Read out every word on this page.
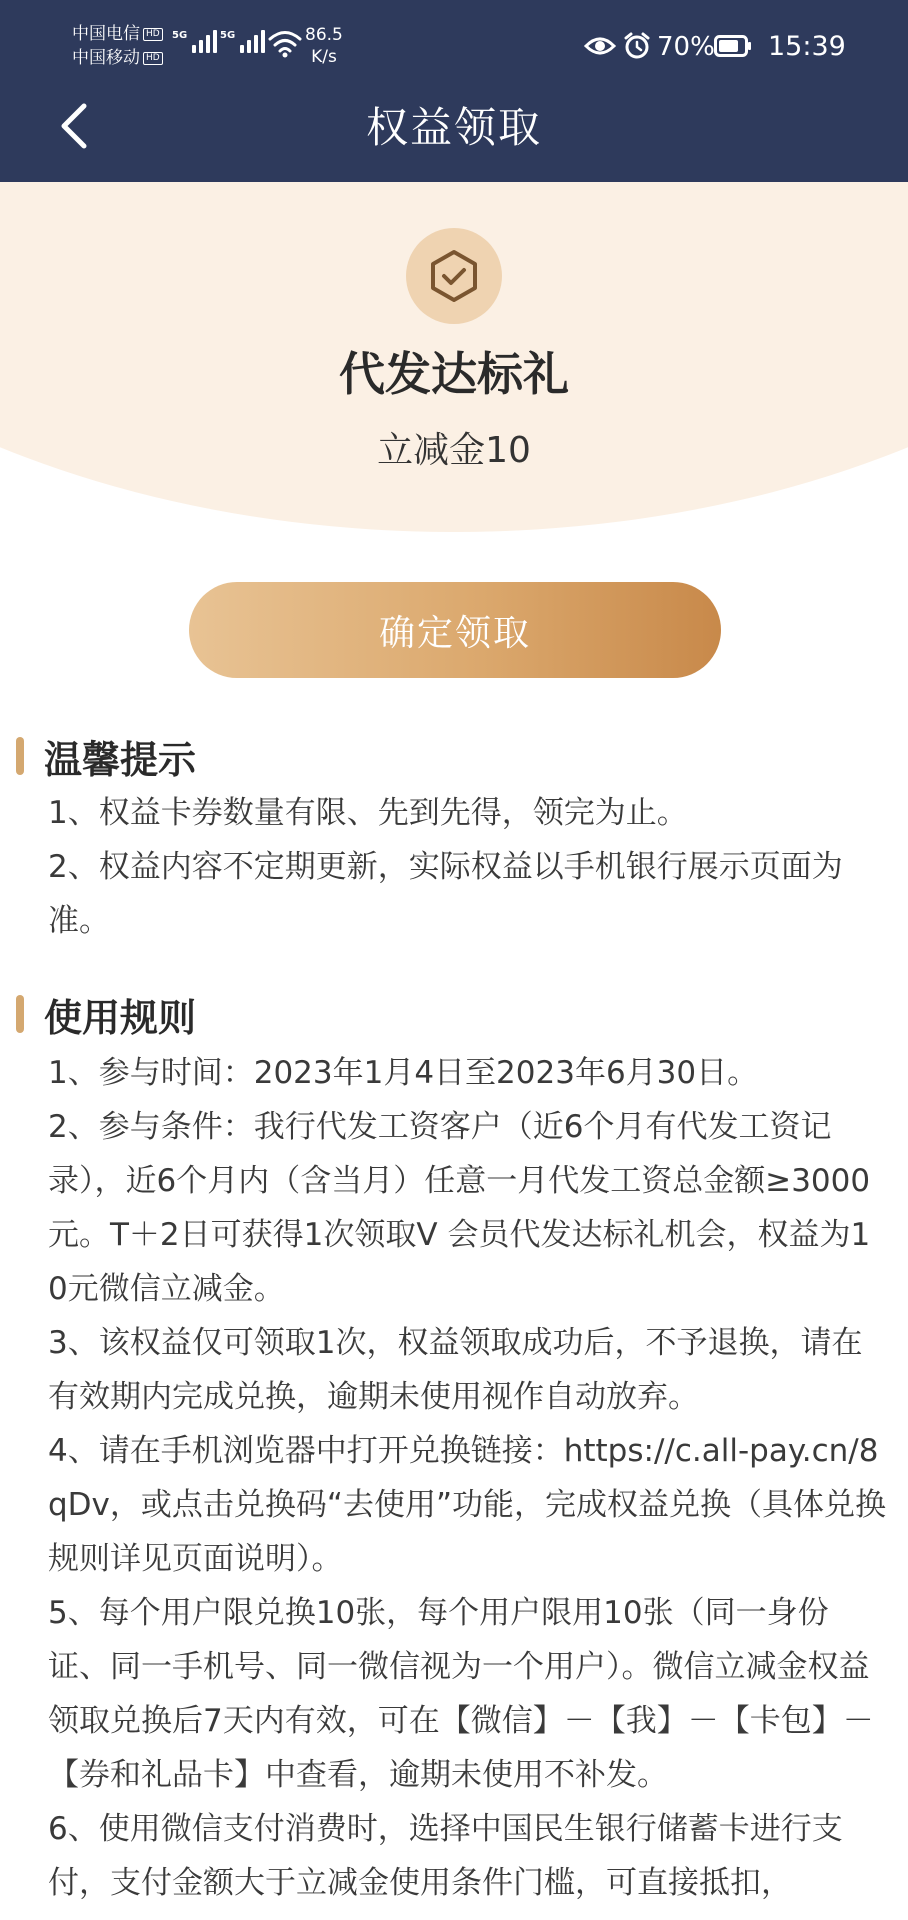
中国电信 HD
中国移动 HD
5G	5G	86.5
K/s	70% 15:39
权益领取
代发达标礼
立减金10
确定领取
温馨提示
1、权益卡券数量有限、先到先得，领完为止。
2、权益内容不定期更新，实际权益以手机银行展示页面为准。
使用规则
1、参与时间：2023年1月4日至2023年6月30日。
2、参与条件：我行代发工资客户（近6个月有代发工资记录），近6个月内（含当月）任意一月代发工资总金额≥3000元。T＋2日可获得1次领取V 会员代发达标礼机会，权益为10元微信立减金。
3、该权益仅可领取1次，权益领取成功后，不予退换，请在有效期内完成兑换，逾期未使用视作自动放弃。
4、请在手机浏览器中打开兑换链接：https://c.all-pay.cn/8qDv，或点击兑换码“去使用”功能，完成权益兑换（具体兑换规则详见页面说明）。
5、每个用户限兑换10张，每个用户限用10张（同一身份证、同一手机号、同一微信视为一个用户）。微信立减金权益领取兑换后7天内有效，可在【微信】－【我】－【卡包】－【券和礼品卡】中查看，逾期未使用不补发。
6、使用微信支付消费时，选择中国民生银行储蓄卡进行支付，支付金额大于立减金使用条件门槛，可直接抵扣，
